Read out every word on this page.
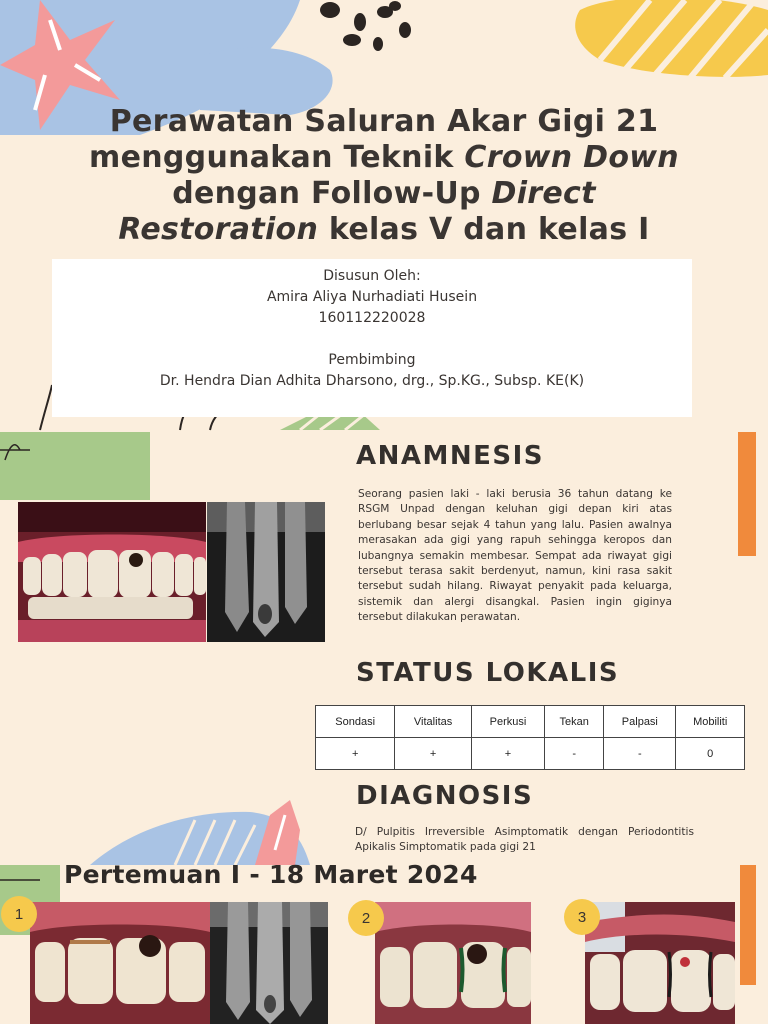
Perawatan Saluran Akar Gigi 21
menggunakan Teknik Crown Down
dengan Follow-Up Direct
Restoration kelas V dan kelas I
Disusun Oleh:
Amira Aliya Nurhadiati Husein
160112220028
Pembimbing
Dr. Hendra Dian Adhita Dharsono, drg., Sp.KG., Subsp. KE(K)
ANAMNESIS
Seorang pasien laki - laki berusia 36 tahun datang ke RSGM Unpad dengan keluhan gigi depan kiri atas berlubang besar sejak 4 tahun yang lalu. Pasien awalnya merasakan ada gigi yang rapuh sehingga keropos dan lubangnya semakin membesar. Sempat ada riwayat gigi tersebut terasa sakit berdenyut, namun, kini rasa sakit tersebut sudah hilang. Riwayat penyakit pada keluarga, sistemik dan alergi disangkal. Pasien ingin giginya tersebut dilakukan perawatan.
STATUS LOKALIS
Sondasi	Vitalitas	Perkusi	Tekan	Palpasi	Mobiliti
+	+	+	-	-	0
DIAGNOSIS
D/ Pulpitis Irreversible Asimptomatik dengan Periodontitis Apikalis Simptomatik pada gigi 21
Pertemuan I - 18 Maret 2024
1	2	3
